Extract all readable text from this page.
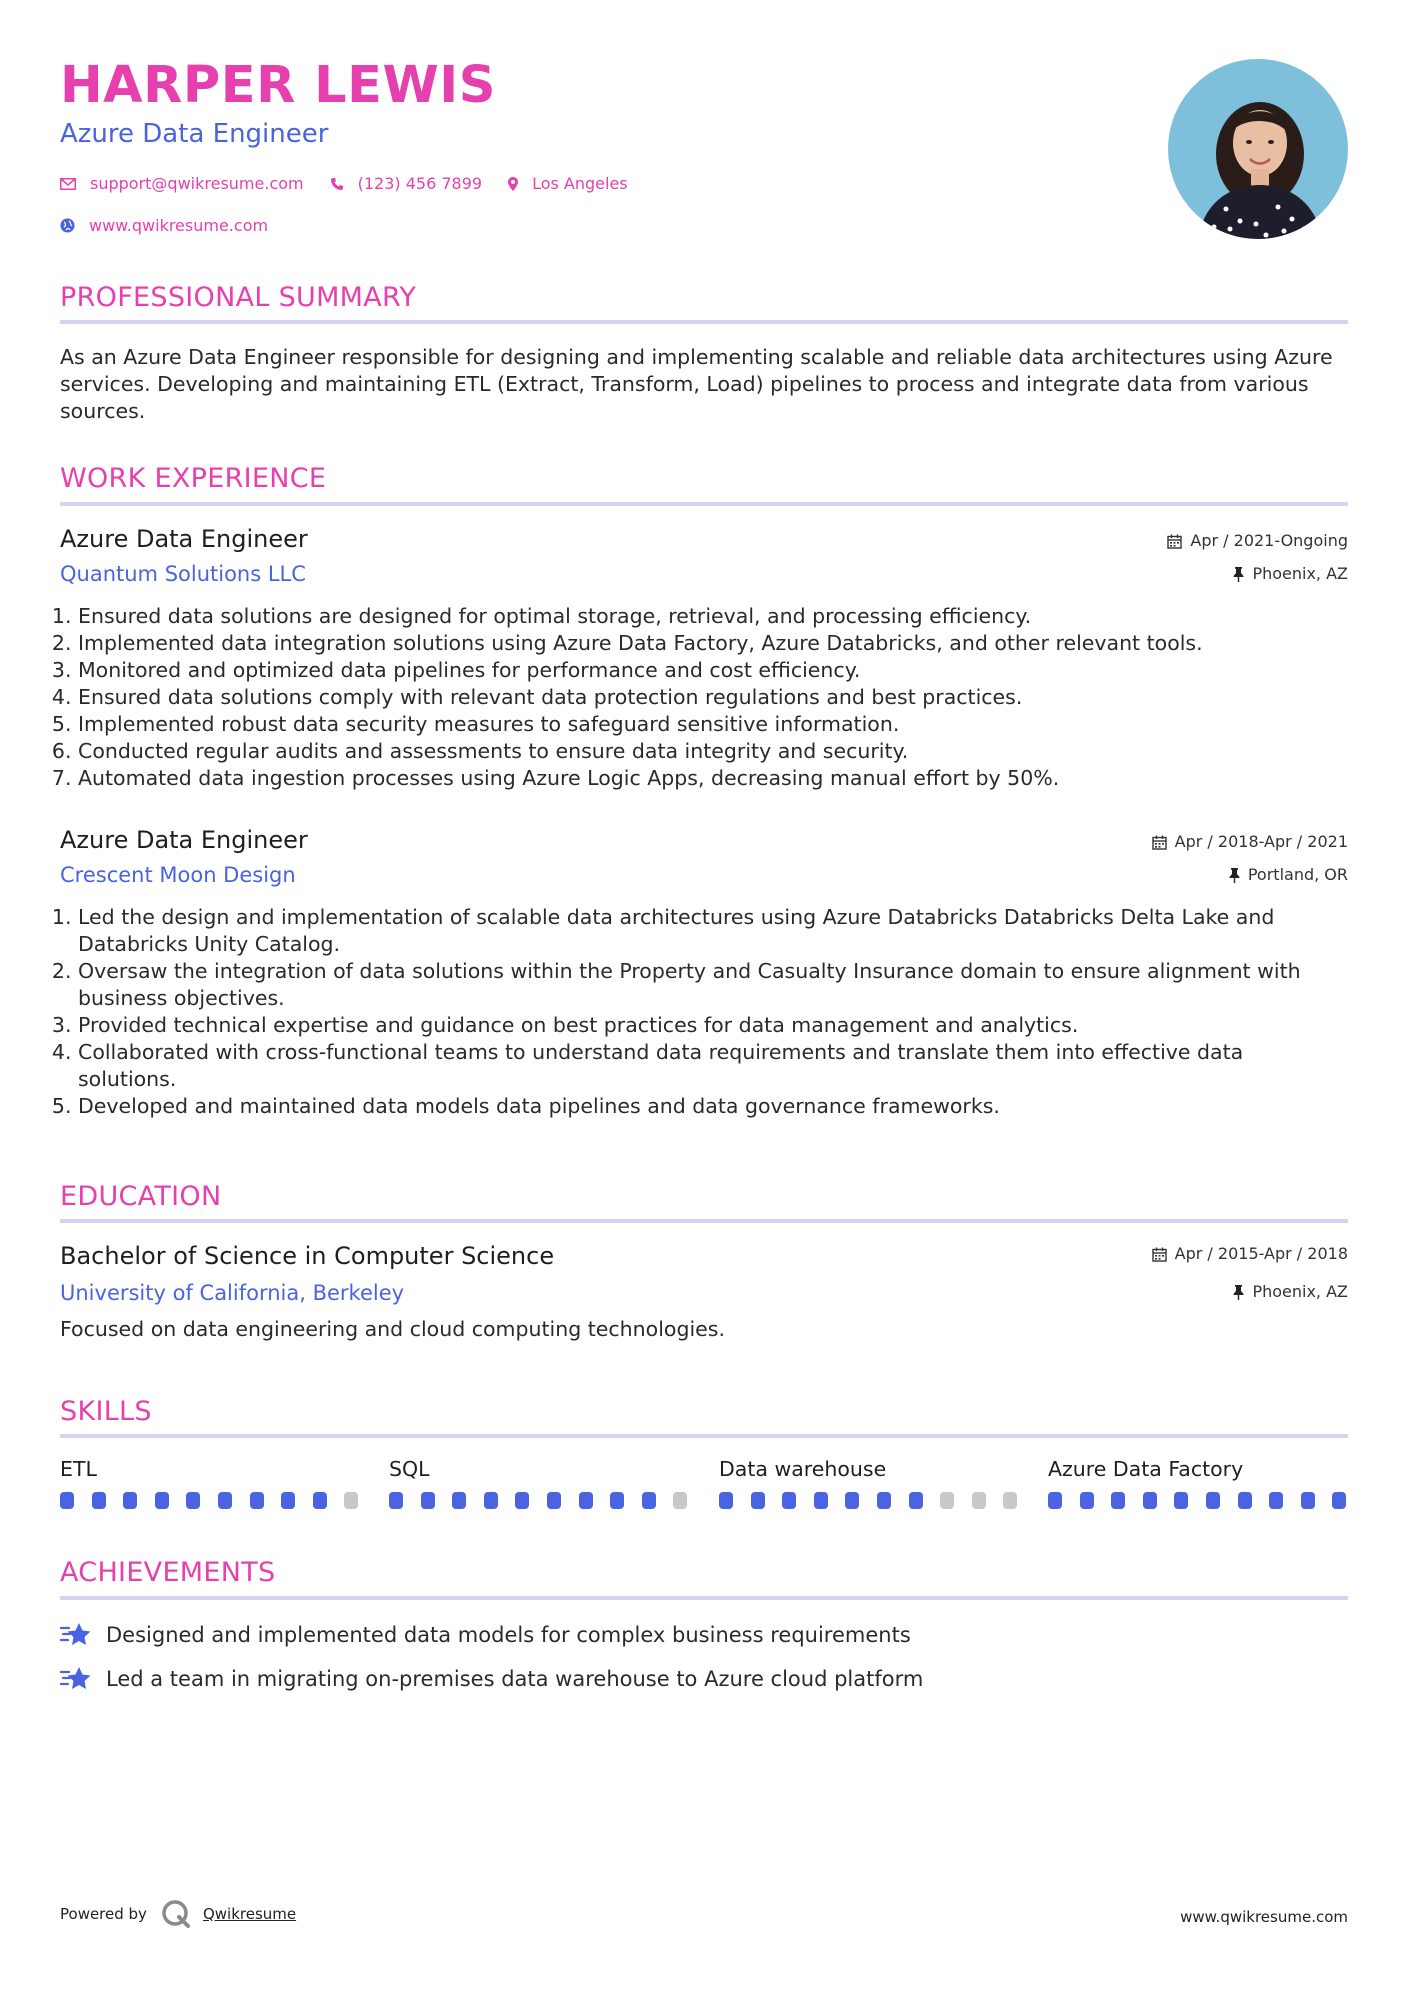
HARPER LEWIS
Azure Data Engineer
support@qwikresume.com	(123) 456 7899	Los Angeles
www.qwikresume.com
PROFESSIONAL SUMMARY
As an Azure Data Engineer responsible for designing and implementing scalable and reliable data architectures using Azure services. Developing and maintaining ETL (Extract, Transform, Load) pipelines to process and integrate data from various sources.
WORK EXPERIENCE
Azure Data Engineer	Apr / 2021-Ongoing
Quantum Solutions LLC	Phoenix, AZ
1. Ensured data solutions are designed for optimal storage, retrieval, and processing efficiency.
2. Implemented data integration solutions using Azure Data Factory, Azure Databricks, and other relevant tools.
3. Monitored and optimized data pipelines for performance and cost efficiency.
4. Ensured data solutions comply with relevant data protection regulations and best practices.
5. Implemented robust data security measures to safeguard sensitive information.
6. Conducted regular audits and assessments to ensure data integrity and security.
7. Automated data ingestion processes using Azure Logic Apps, decreasing manual effort by 50%.
Azure Data Engineer	Apr / 2018-Apr / 2021
Crescent Moon Design	Portland, OR
1. Led the design and implementation of scalable data architectures using Azure Databricks Databricks Delta Lake and Databricks Unity Catalog.
2. Oversaw the integration of data solutions within the Property and Casualty Insurance domain to ensure alignment with business objectives.
3. Provided technical expertise and guidance on best practices for data management and analytics.
4. Collaborated with cross-functional teams to understand data requirements and translate them into effective data solutions.
5. Developed and maintained data models data pipelines and data governance frameworks.
EDUCATION
Bachelor of Science in Computer Science	Apr / 2015-Apr / 2018
University of California, Berkeley	Phoenix, AZ
Focused on data engineering and cloud computing technologies.
SKILLS
ETL	SQL	Data warehouse	Azure Data Factory
ACHIEVEMENTS
Designed and implemented data models for complex business requirements
Led a team in migrating on-premises data warehouse to Azure cloud platform
Powered by	Qwikresume	www.qwikresume.com
